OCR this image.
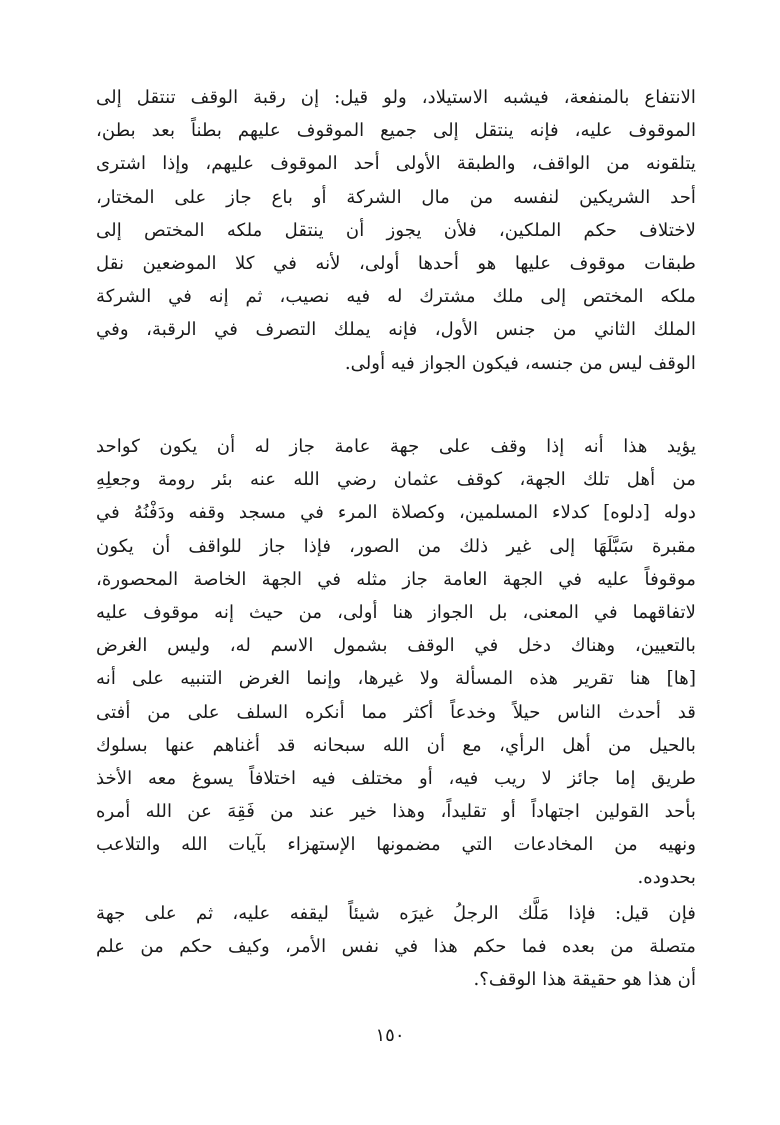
الانتفاع بالمنفعة، فيشبه الاستيلاد، ولو قيل: إن رقبة الوقف تنتقل إلى
الموقوف عليه، فإنه ينتقل إلى جميع الموقوف عليهم بطناً بعد بطن،
يتلقونه من الواقف، والطبقة الأولى أحد الموقوف عليهم، وإذا اشترى
أحد الشريكين لنفسه من مال الشركة أو باع جاز على المختار،
لاختلاف حكم الملكين، فلأن يجوز أن ينتقل ملكه المختص إلى
طبقات موقوف عليها هو أحدها أولى، لأنه في كلا الموضعين نقل
ملكه المختص إلى ملك مشترك له فيه نصيب، ثم إنه في الشركة
الملك الثاني من جنس الأول، فإنه يملك التصرف في الرقبة، وفي
الوقف ليس من جنسه، فيكون الجواز فيه أولى.
يؤيد هذا أنه إذا وقف على جهة عامة جاز له أن يكون كواحد
من أهل تلك الجهة، كوقف عثمان رضي الله عنه بئر رومة وجعلِهِ
دوله [دلوه] كدلاء المسلمين، وكصلاة المرء في مسجد وقفه ودَفْنُهُ في
مقبرة سَبَّلَهَا إلى غير ذلك من الصور، فإذا جاز للواقف أن يكون
موقوفاً عليه في الجهة العامة جاز مثله في الجهة الخاصة المحصورة،
لاتفاقهما في المعنى، بل الجواز هنا أولى، من حيث إنه موقوف عليه
بالتعيين، وهناك دخل في الوقف بشمول الاسم له، وليس الغرض
[ها] هنا تقرير هذه المسألة ولا غيرها، وإنما الغرض التنبيه على أنه
قد أحدث الناس حيلاً وخدعاً أكثر مما أنكره السلف على من أفتى
بالحيل من أهل الرأي، مع أن الله سبحانه قد أغناهم عنها بسلوك
طريق إما جائز لا ريب فيه، أو مختلف فيه اختلافاً يسوغ معه الأخذ
بأحد القولين اجتهاداً أو تقليداً، وهذا خير عند من فَقِهَ عن الله أمره
ونهيه من المخادعات التي مضمونها الإستهزاء بآيات الله والتلاعب
بحدوده.
فإن قيل: فإذا مَلَّك الرجلُ غيرَه شيئاً ليقفه عليه، ثم على جهة
متصلة من بعده فما حكم هذا في نفس الأمر، وكيف حكم من علم
أن هذا هو حقيقة هذا الوقف؟.
١٥٠
